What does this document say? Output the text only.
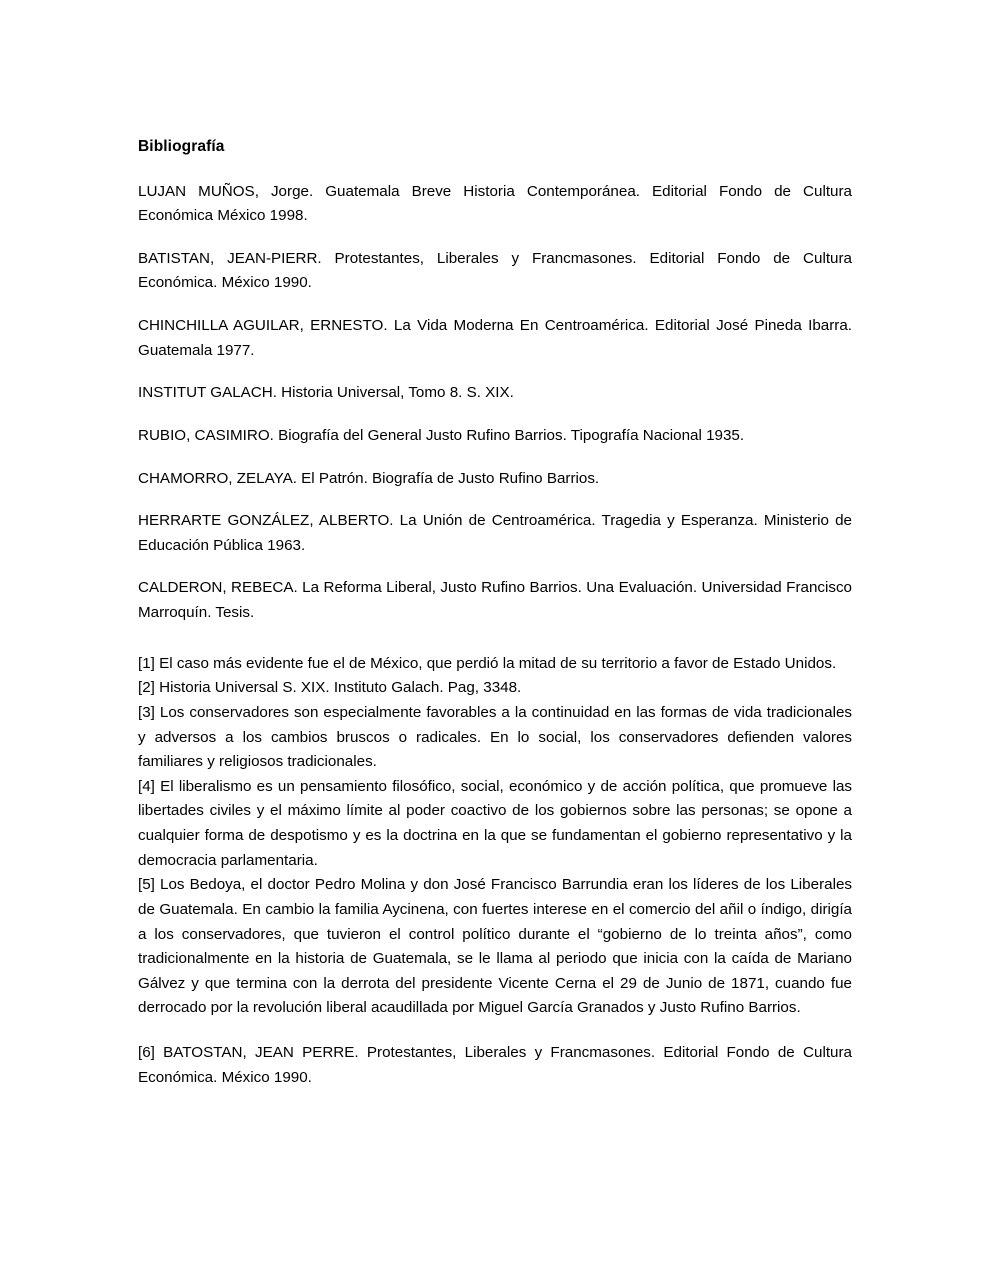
Bibliografía

LUJAN MUÑOS, Jorge. Guatemala Breve Historia Contemporánea. Editorial Fondo de Cultura Económica México 1998.

BATISTAN, JEAN-PIERR. Protestantes, Liberales y Francmasones. Editorial Fondo de Cultura Económica. México 1990.

CHINCHILLA AGUILAR, ERNESTO. La Vida Moderna En Centroamérica. Editorial José Pineda Ibarra. Guatemala 1977.

INSTITUT GALACH. Historia Universal, Tomo 8. S. XIX.

RUBIO, CASIMIRO. Biografía del General Justo Rufino Barrios. Tipografía Nacional 1935.

CHAMORRO, ZELAYA. El Patrón. Biografía de Justo Rufino Barrios.

HERRARTE GONZÁLEZ, ALBERTO. La Unión de Centroamérica. Tragedia y Esperanza. Ministerio de Educación Pública 1963.

CALDERON, REBECA. La Reforma Liberal, Justo Rufino Barrios. Una Evaluación. Universidad Francisco Marroquín. Tesis.

[1] El caso más evidente fue el de México, que perdió la mitad de su territorio a favor de Estado Unidos.

[2] Historia Universal S. XIX. Instituto Galach. Pag, 3348.

[3] Los conservadores son especialmente favorables a la continuidad en las formas de vida tradicionales y adversos a los cambios bruscos o radicales. En lo social, los conservadores defienden valores familiares y religiosos tradicionales.

[4] El liberalismo es un pensamiento filosófico, social, económico y de acción política, que promueve las libertades civiles y el máximo límite al poder coactivo de los gobiernos sobre las personas; se opone a cualquier forma de despotismo y es la doctrina en la que se fundamentan el gobierno representativo y la democracia parlamentaria.

[5] Los Bedoya, el doctor Pedro Molina y don José Francisco Barrundia eran los líderes de los Liberales de Guatemala. En cambio la familia Aycinena, con fuertes interese en el comercio del añil o índigo, dirigía a los conservadores, que tuvieron el control político durante el “gobierno de lo treinta años”, como tradicionalmente en la historia de Guatemala, se le llama al periodo que inicia con la caída de Mariano Gálvez y que termina con la derrota del presidente Vicente Cerna el 29 de Junio de 1871, cuando fue derrocado por la revolución liberal acaudillada por Miguel García Granados y Justo Rufino Barrios.

[6] BATOSTAN, JEAN PERRE. Protestantes, Liberales y Francmasones. Editorial Fondo de Cultura Económica. México 1990.
